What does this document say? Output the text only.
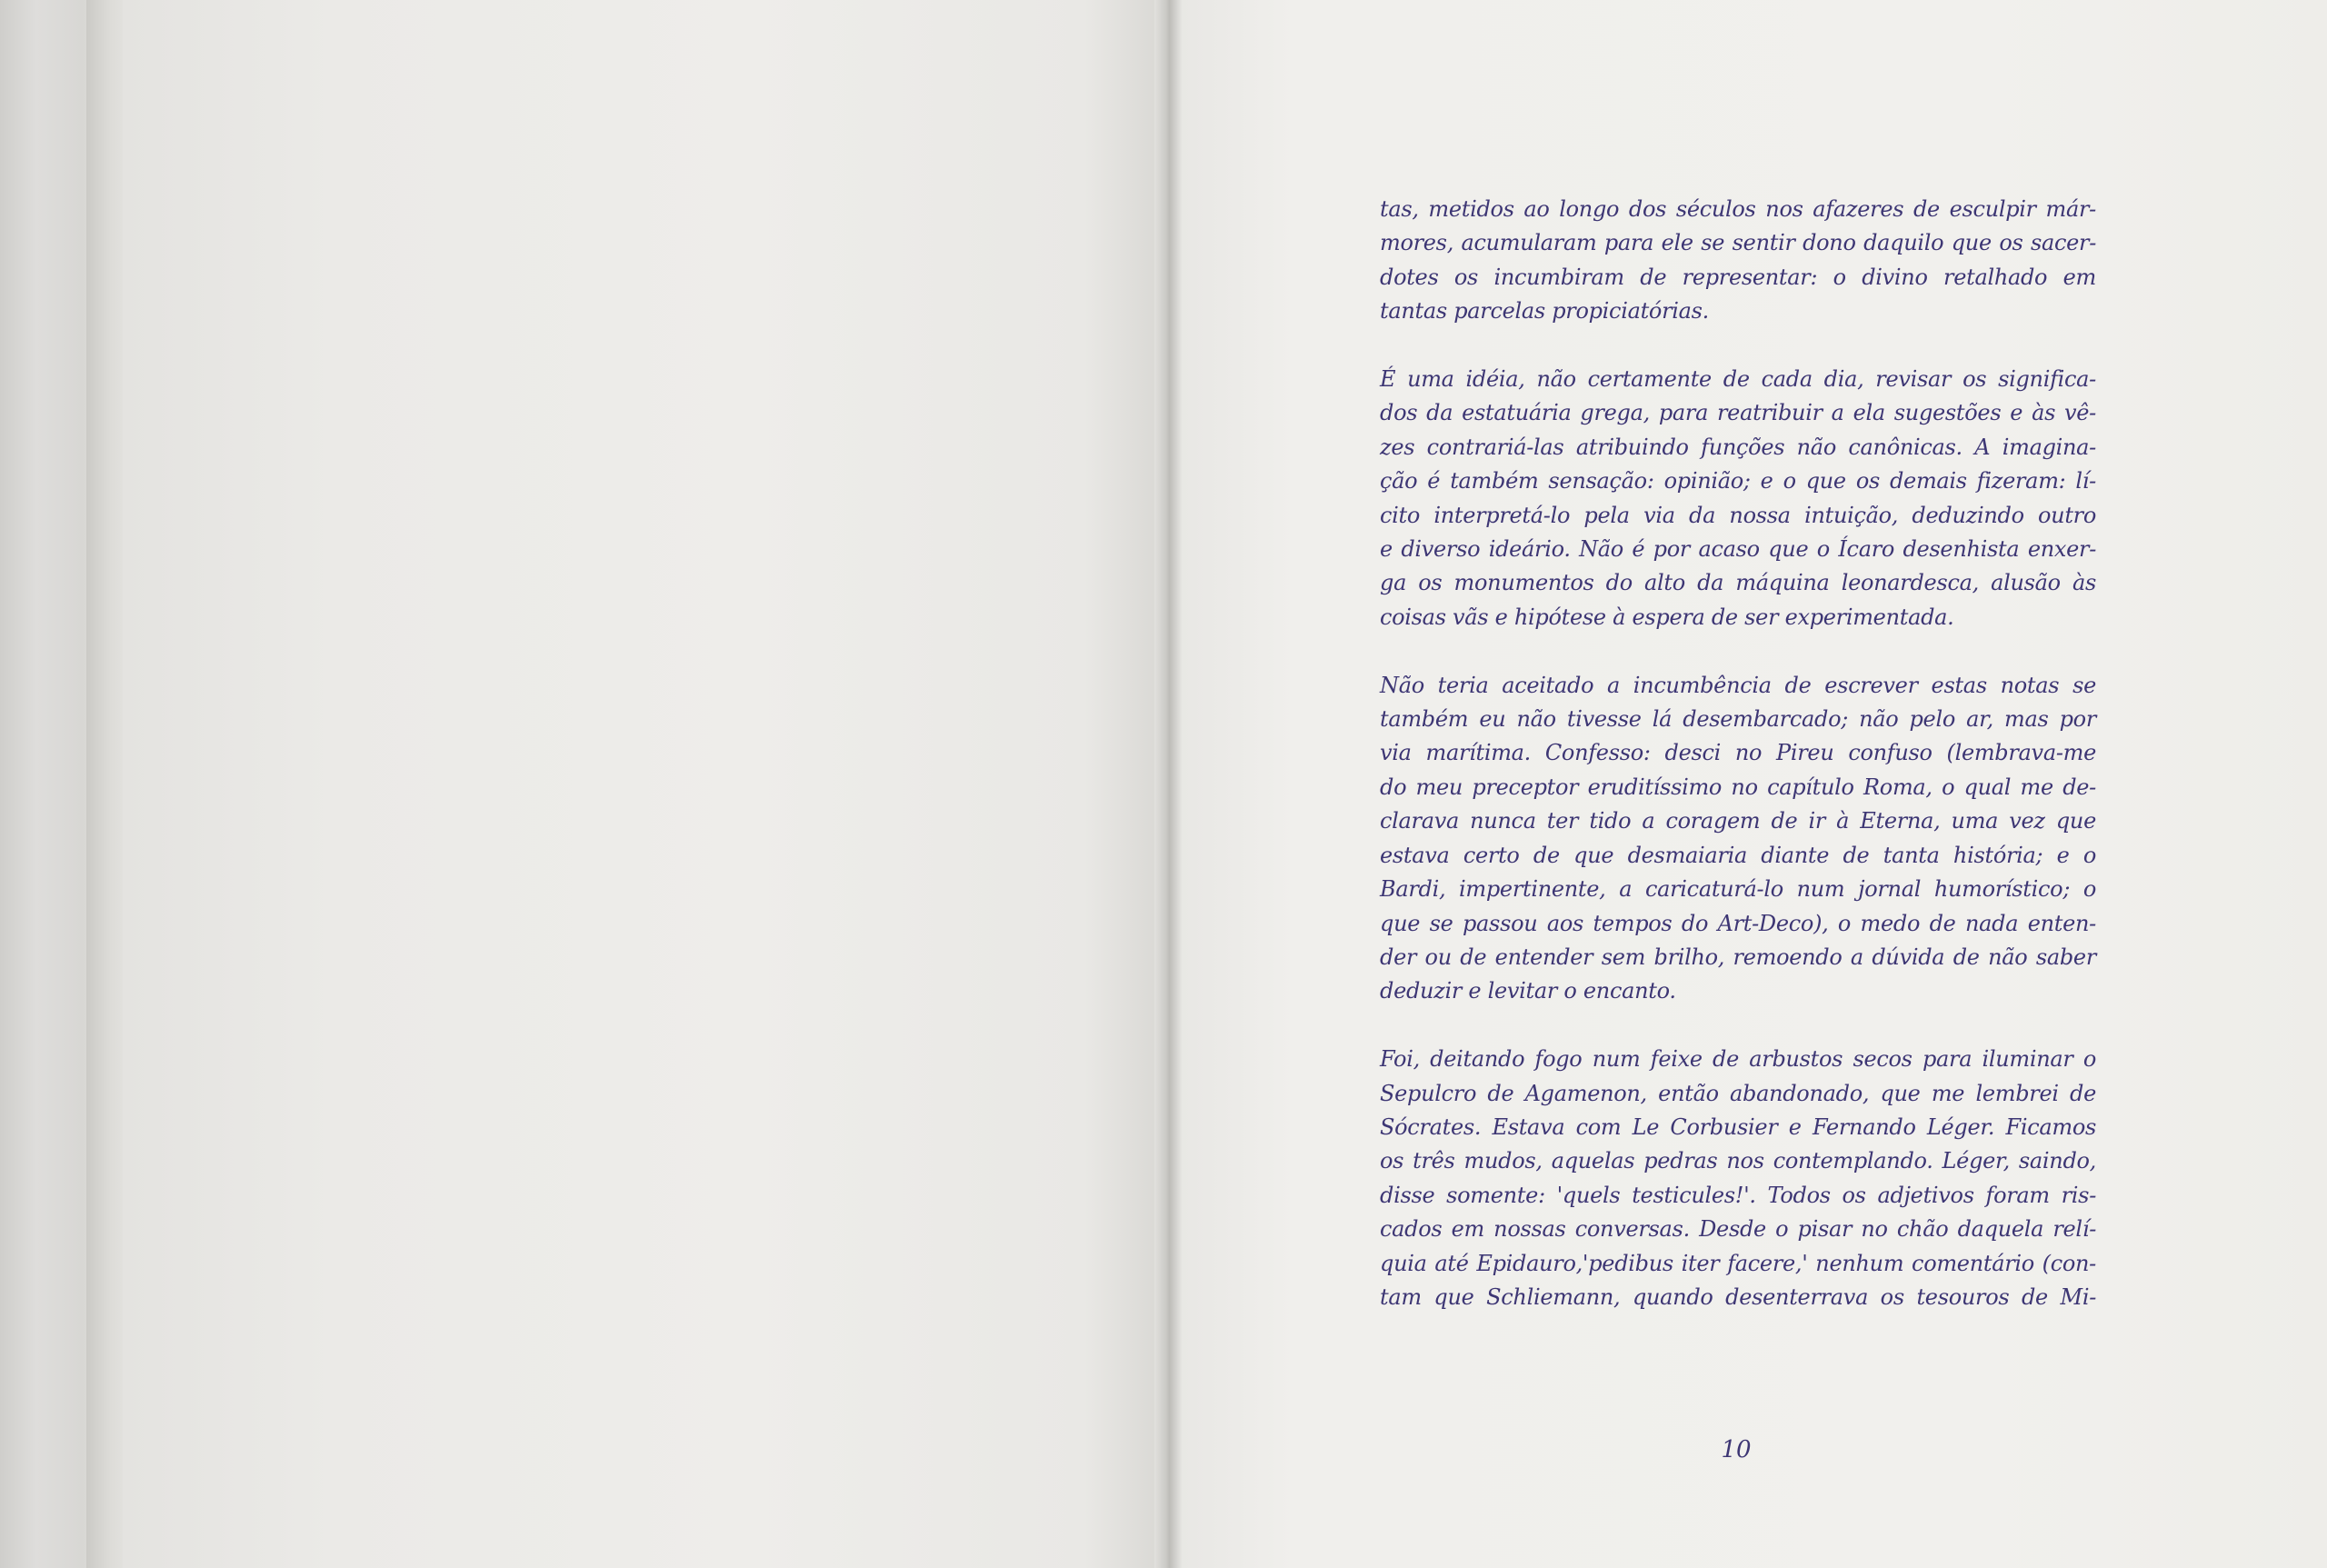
tas, metidos ao longo dos séculos nos afazeres de esculpir már-
mores, acumularam para ele se sentir dono daquilo que os sacer-
dotes os incumbiram de representar: o divino retalhado em
tantas parcelas propiciatórias.
É uma idéia, não certamente de cada dia, revisar os significa-
dos da estatuária grega, para reatribuir a ela sugestões e às vê-
zes contrariá-las atribuindo funções não canônicas. A imagina-
ção é também sensação: opinião; e o que os demais fizeram: lí-
cito interpretá-lo pela via da nossa intuição, deduzindo outro
e diverso ideário. Não é por acaso que o Ícaro desenhista enxer-
ga os monumentos do alto da máquina leonardesca, alusão às
coisas vãs e hipótese à espera de ser experimentada.
Não teria aceitado a incumbência de escrever estas notas se
também eu não tivesse lá desembarcado; não pelo ar, mas por
via marítima. Confesso: desci no Pireu confuso (lembrava-me
do meu preceptor eruditíssimo no capítulo Roma, o qual me de-
clarava nunca ter tido a coragem de ir à Eterna, uma vez que
estava certo de que desmaiaria diante de tanta história; e o
Bardi, impertinente, a caricaturá-lo num jornal humorístico; o
que se passou aos tempos do Art-Deco), o medo de nada enten-
der ou de entender sem brilho, remoendo a dúvida de não saber
deduzir e levitar o encanto.
Foi, deitando fogo num feixe de arbustos secos para iluminar o
Sepulcro de Agamenon, então abandonado, que me lembrei de
Sócrates. Estava com Le Corbusier e Fernando Léger. Ficamos
os três mudos, aquelas pedras nos contemplando. Léger, saindo,
disse somente: 'quels testicules!'. Todos os adjetivos foram ris-
cados em nossas conversas. Desde o pisar no chão daquela relí-
quia até Epidauro,'pedibus iter facere,' nenhum comentário (con-
tam que Schliemann, quando desenterrava os tesouros de Mi-
10
